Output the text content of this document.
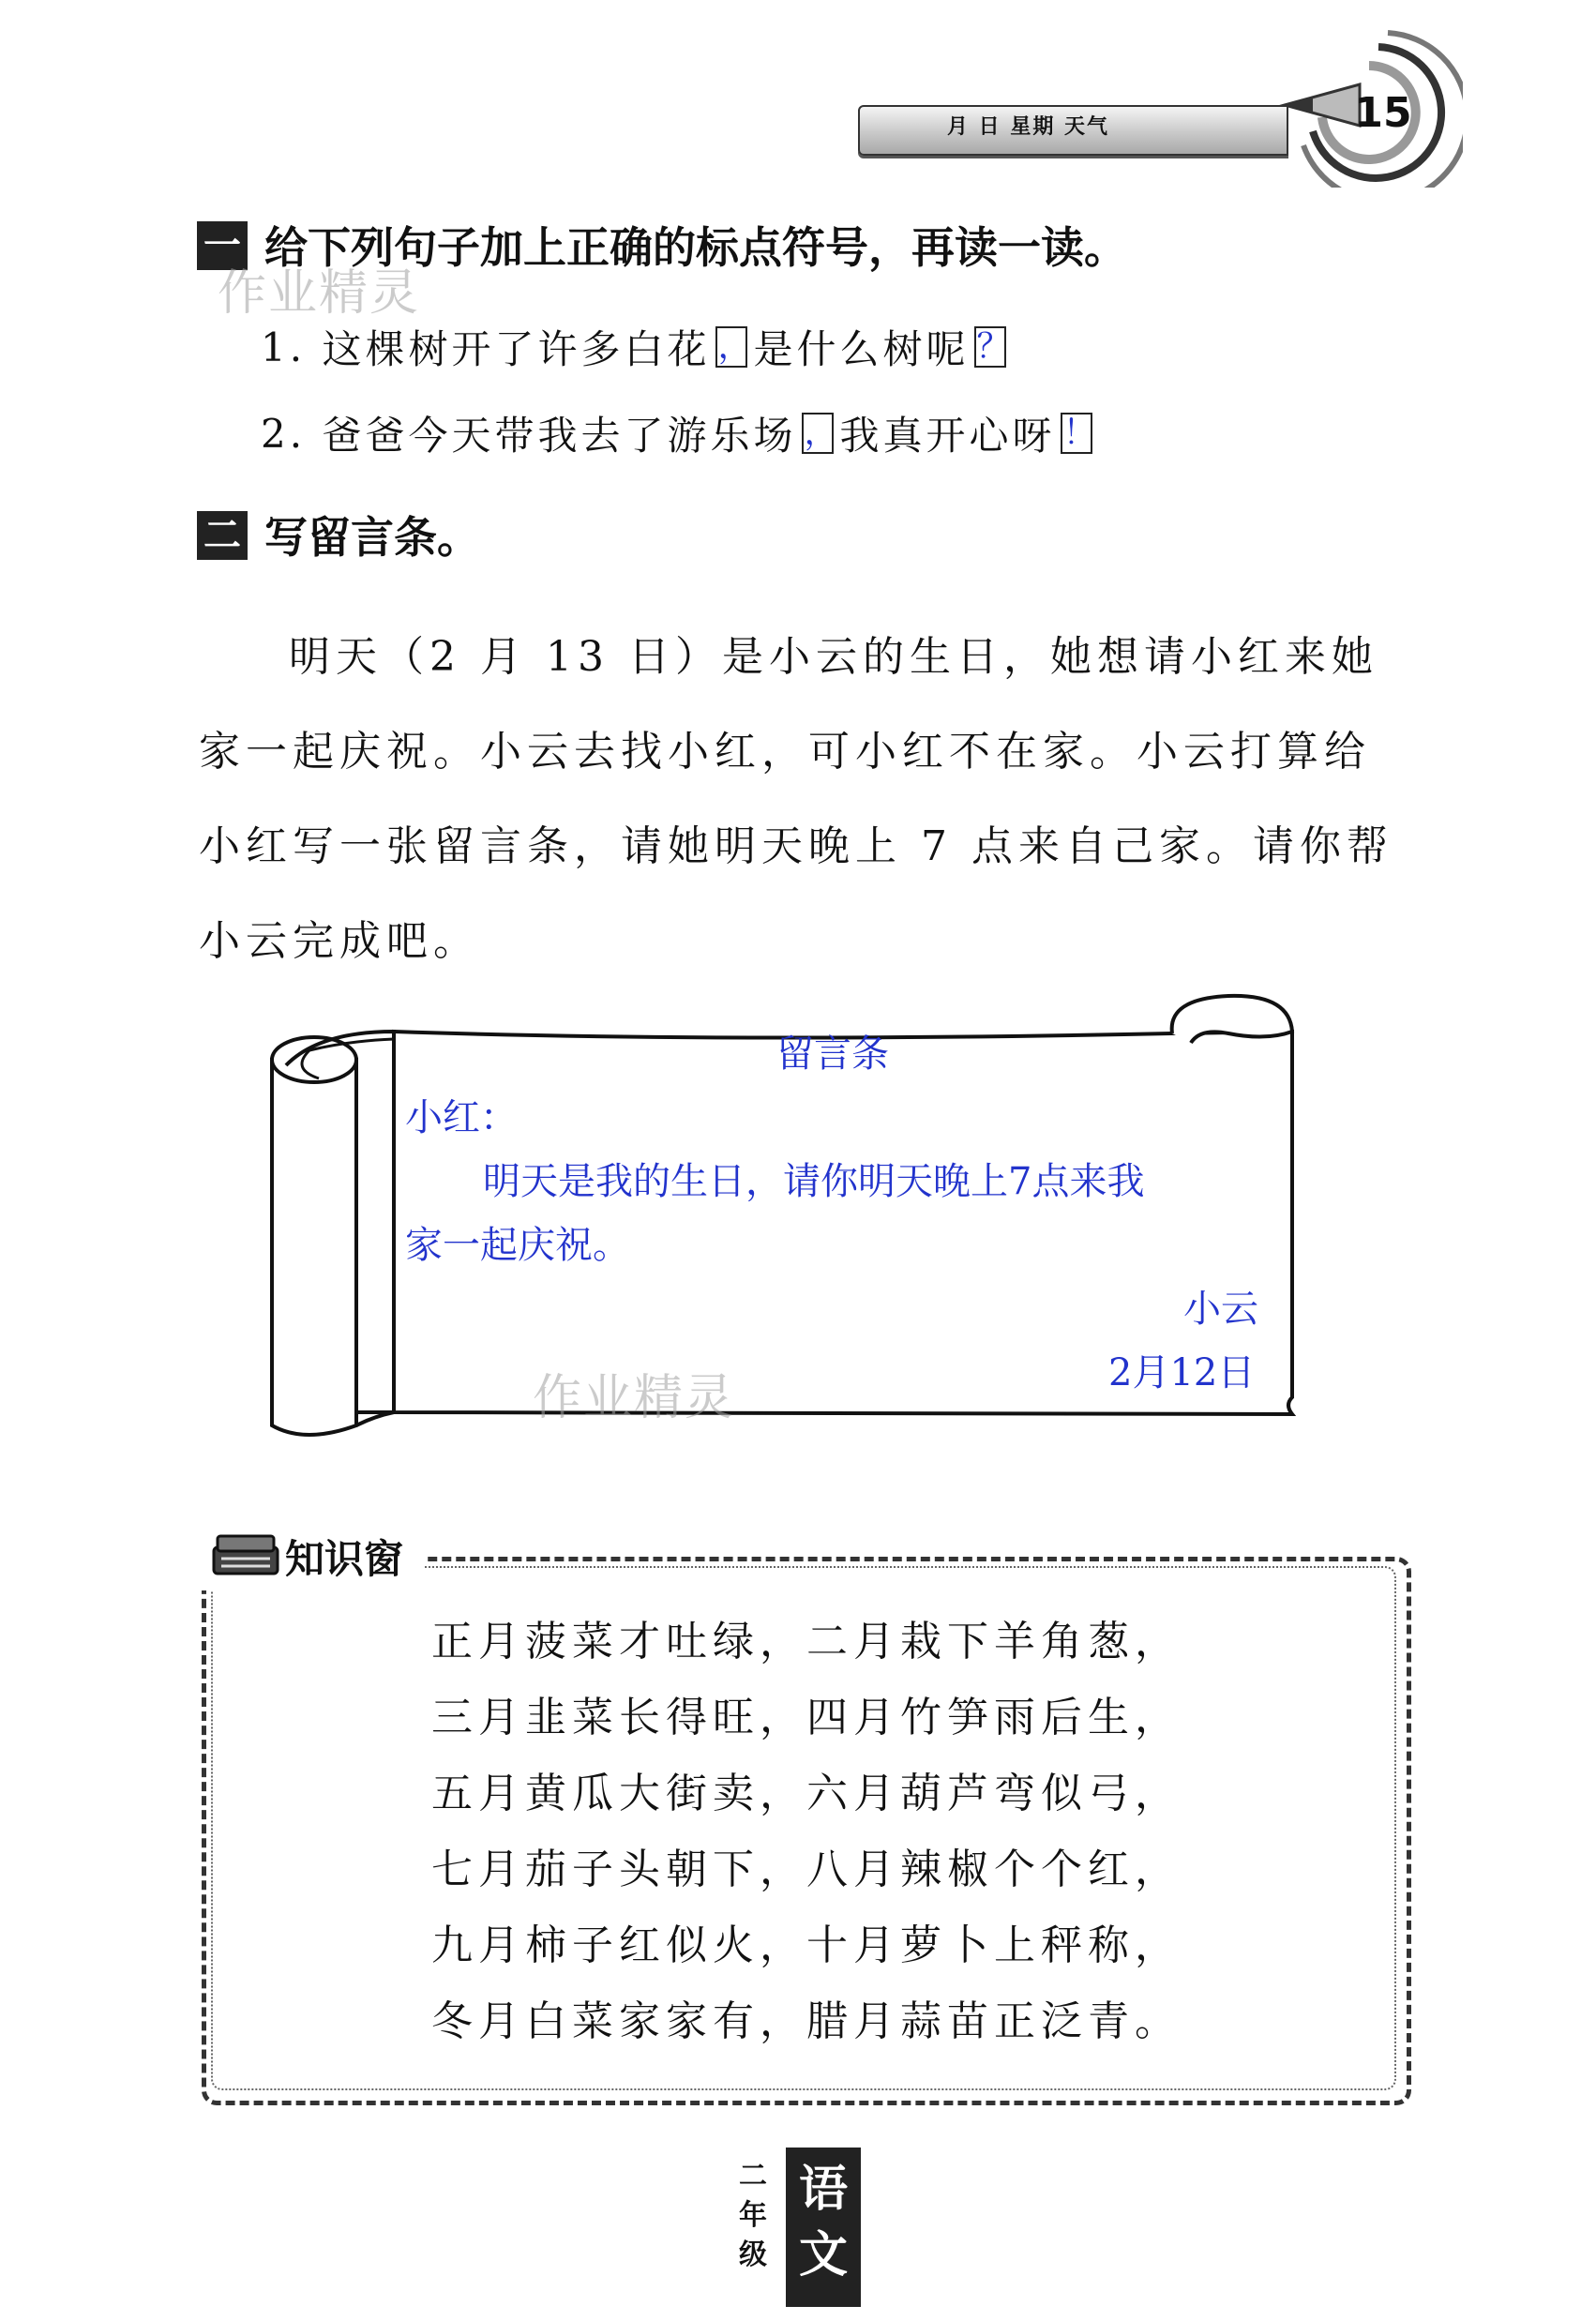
月 日 星期 天气	15
一 给下列句子加上正确的标点符号，再读一读。
作业精灵
1. 这棵树开了许多白花 ，是什么树呢 ？
2. 爸爸今天带我去了游乐场 ，我真开心呀 ！
二 写留言条。
明天（2 月 13 日）是小云的生日，她想请小红来她家一起庆祝。小云去找小红，可小红不在家。小云打算给小红写一张留言条，请她明天晚上 7 点来自己家。请你帮小云完成吧。
留言条
小红：
明天是我的生日，请你明天晚上7点来我
家一起庆祝。
小云
2月12日
作业精灵
知识窗
正月菠菜才吐绿，二月栽下羊角葱，
三月韭菜长得旺，四月竹笋雨后生，
五月黄瓜大街卖，六月葫芦弯似弓，
七月茄子头朝下，八月辣椒个个红，
九月柿子红似火，十月萝卜上秤称，
冬月白菜家家有，腊月蒜苗正泛青。
二年级
语文
